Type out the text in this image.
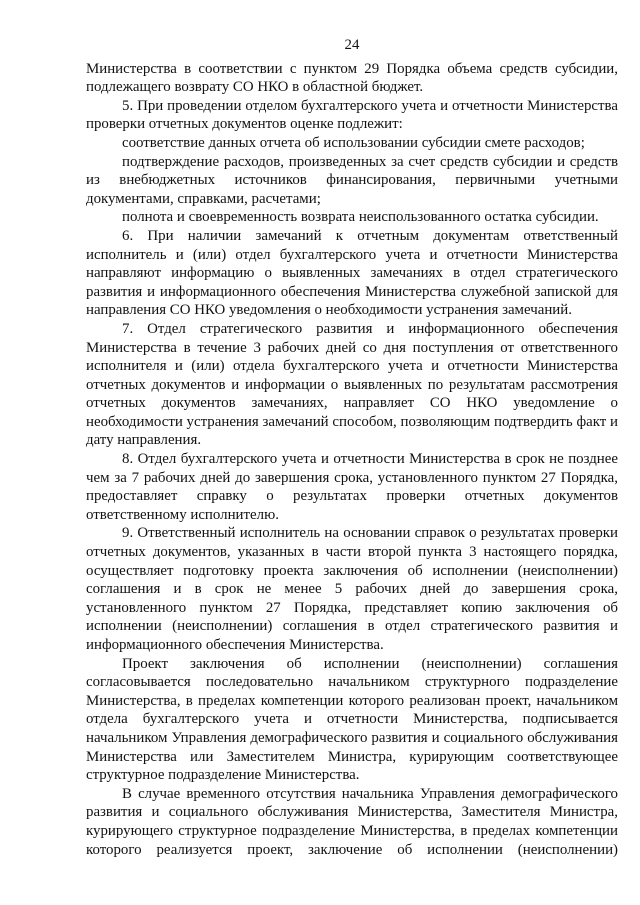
24

Министерства в соответствии с пунктом 29 Порядка объема средств субсидии, подлежащего возврату СО НКО в областной бюджет.

5. При проведении отделом бухгалтерского учета и отчетности Министерства проверки отчетных документов оценке подлежит:

соответствие данных отчета об использовании субсидии смете расходов;

подтверждение расходов, произведенных за счет средств субсидии и средств из внебюджетных источников финансирования, первичными учетными документами, справками, расчетами;

полнота и своевременность возврата неиспользованного остатка субсидии.

6. При наличии замечаний к отчетным документам ответственный исполнитель и (или) отдел бухгалтерского учета и отчетности Министерства направляют информацию о выявленных замечаниях в отдел стратегического развития и информационного обеспечения Министерства служебной запиской для направления СО НКО уведомления о необходимости устранения замечаний.

7. Отдел стратегического развития и информационного обеспечения Министерства в течение 3 рабочих дней со дня поступления от ответственного исполнителя и (или) отдела бухгалтерского учета и отчетности Министерства отчетных документов и информации о выявленных по результатам рассмотрения отчетных документов замечаниях, направляет СО НКО уведомление о необходимости устранения замечаний способом, позволяющим подтвердить факт и дату направления.

8. Отдел бухгалтерского учета и отчетности Министерства в срок не позднее чем за 7 рабочих дней до завершения срока, установленного пунктом 27 Порядка, предоставляет справку о результатах проверки отчетных документов ответственному исполнителю.

9. Ответственный исполнитель на основании справок о результатах проверки отчетных документов, указанных в части второй пункта 3 настоящего порядка, осуществляет подготовку проекта заключения об исполнении (неисполнении) соглашения и в срок не менее 5 рабочих дней до завершения срока, установленного пунктом 27 Порядка, представляет копию заключения об исполнении (неисполнении) соглашения в отдел стратегического развития и информационного обеспечения Министерства.

Проект заключения об исполнении (неисполнении) соглашения согласовывается последовательно начальником структурного подразделение Министерства, в пределах компетенции которого реализован проект, начальником отдела бухгалтерского учета и отчетности Министерства, подписывается начальником Управления демографического развития и социального обслуживания Министерства или Заместителем Министра, курирующим соответствующее структурное подразделение Министерства.

В случае временного отсутствия начальника Управления демографического развития и социального обслуживания Министерства, Заместителя Министра, курирующего структурное подразделение Министерства, в пределах компетенции которого реализуется проект, заключение об исполнении (неисполнении)
